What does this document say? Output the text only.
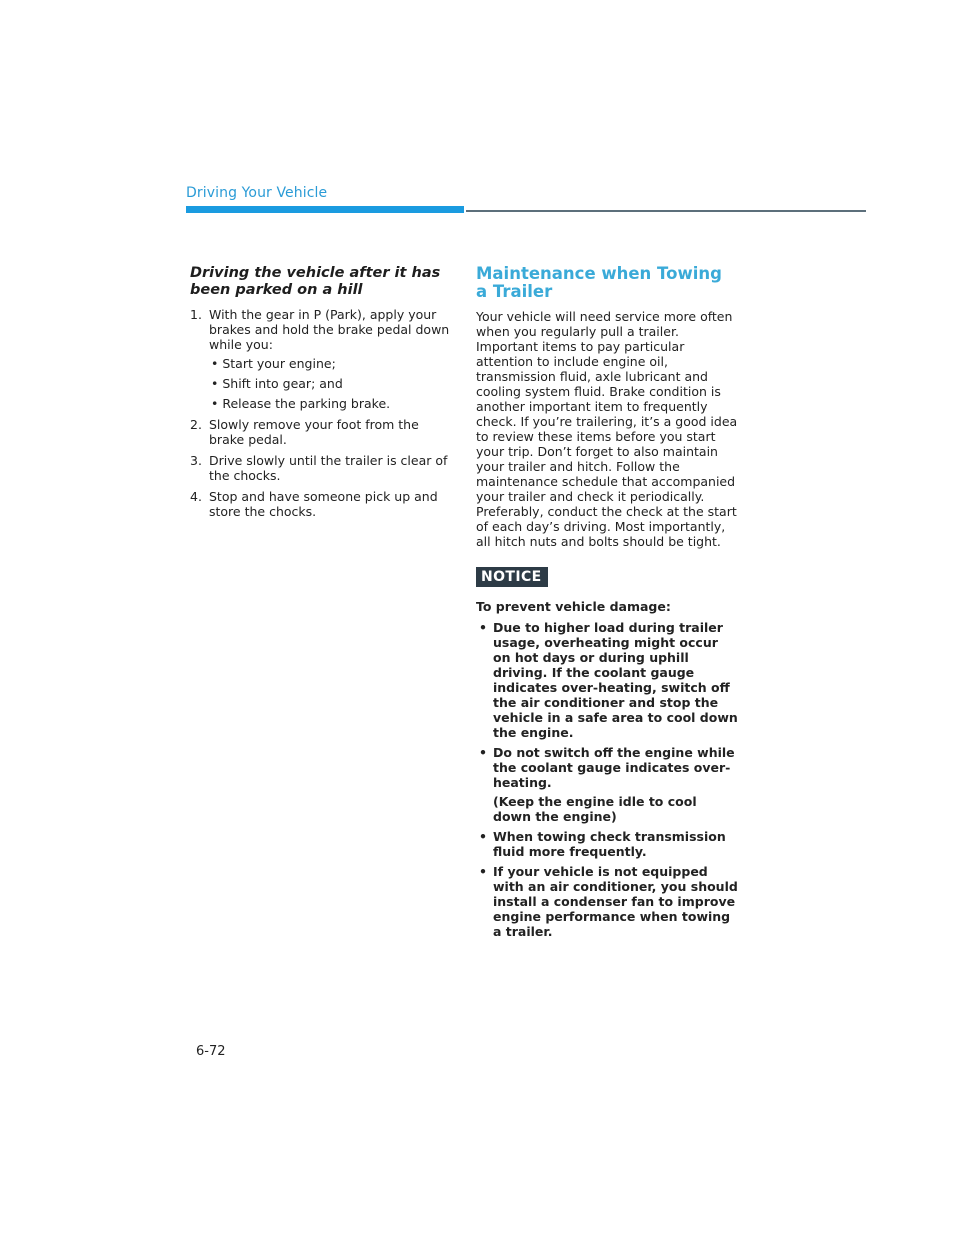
Driving Your Vehicle
Driving the vehicle after it has been parked on a hill
1. With the gear in P (Park), apply your brakes and hold the brake pedal down while you:
• Start your engine;
• Shift into gear; and
• Release the parking brake.
2. Slowly remove your foot from the brake pedal.
3. Drive slowly until the trailer is clear of the chocks.
4. Stop and have someone pick up and store the chocks.
Maintenance when Towing a Trailer

Your vehicle will need service more often when you regularly pull a trailer. Important items to pay particular attention to include engine oil, transmission fluid, axle lubricant and cooling system fluid. Brake condition is another important item to frequently check. If you’re trailering, it’s a good idea to review these items before you start your trip. Don’t forget to also maintain your trailer and hitch. Follow the maintenance schedule that accompanied your trailer and check it periodically. Preferably, conduct the check at the start of each day’s driving. Most importantly, all hitch nuts and bolts should be tight.

NOTICE
To prevent vehicle damage:
• Due to higher load during trailer usage, overheating might occur on hot days or during uphill driving. If the coolant gauge indicates over-heating, switch off the air conditioner and stop the vehicle in a safe area to cool down the engine.
• Do not switch off the engine while the coolant gauge indicates over-heating.
(Keep the engine idle to cool down the engine)
• When towing check transmission fluid more frequently.
• If your vehicle is not equipped with an air conditioner, you should install a condenser fan to improve engine performance when towing a trailer.
6-72
